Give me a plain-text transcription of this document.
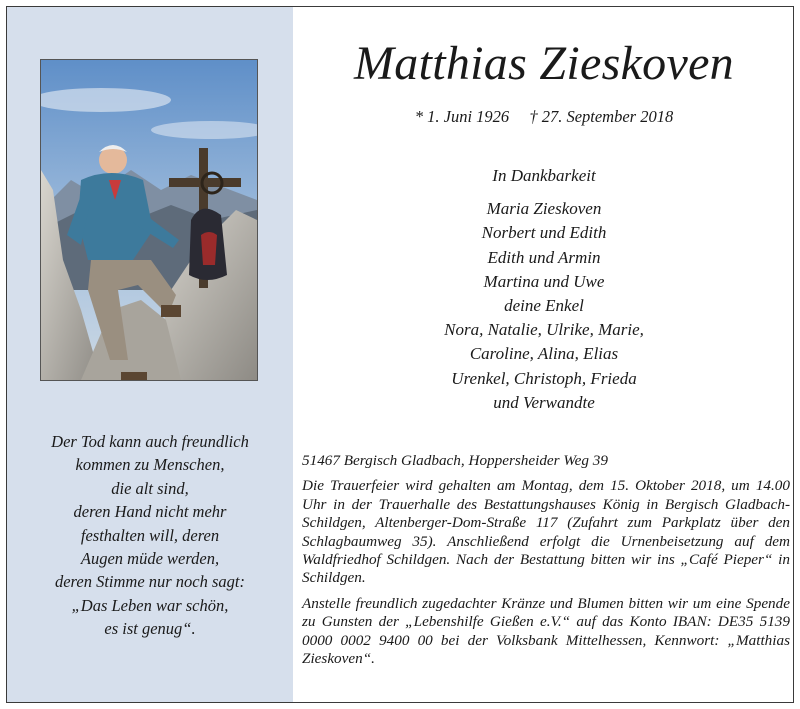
Der Tod kann auch freundlich
kommen zu Menschen,
die alt sind,
deren Hand nicht mehr
festhalten will, deren
Augen müde werden,
deren Stimme nur noch sagt:
„Das Leben war schön,
es ist genug“.
Matthias Zieskoven
* 1. Juni 1926 † 27. September 2018
In Dankbarkeit
Maria Zieskoven
Norbert und Edith
Edith und Armin
Martina und Uwe
deine Enkel
Nora, Natalie, Ulrike, Marie,
Caroline, Alina, Elias
Urenkel, Christoph, Frieda
und Verwandte
51467 Bergisch Gladbach, Hoppersheider Weg 39

Die Trauerfeier wird gehalten am Montag, dem 15. Oktober 2018, um 14.00 Uhr in der Trauerhalle des Bestattungshauses König in Bergisch Gladbach-Schildgen, Altenberger-Dom-Straße 117 (Zufahrt zum Parkplatz über den Schlagbaumweg 35). Anschließend erfolgt die Urnenbeisetzung auf dem Waldfriedhof Schildgen. Nach der Bestattung bitten wir ins „Café Pieper“ in Schildgen.

Anstelle freundlich zugedachter Kränze und Blumen bitten wir um eine Spende zu Gunsten der „Lebenshilfe Gießen e.V.“ auf das Konto IBAN: DE35 5139 0000 0002 9400 00 bei der Volksbank Mittelhessen, Kennwort: „Matthias Zieskoven“.
